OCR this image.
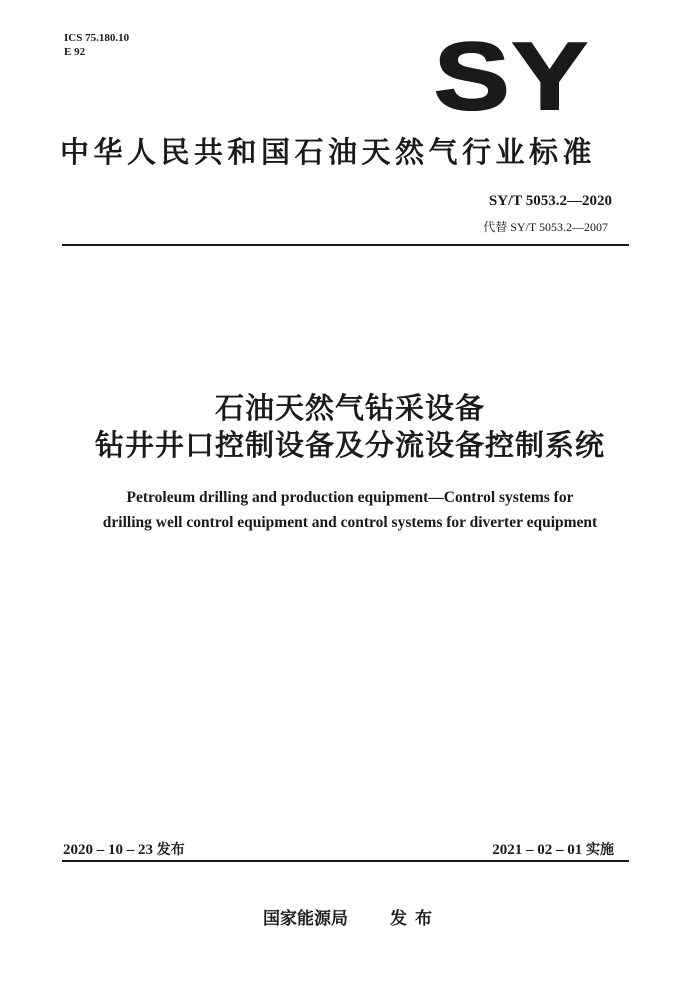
ICS 75.180.10
E 92	SY
中华人民共和国石油天然气行业标准
SY/T 5053.2—2020
代替 SY/T 5053.2—2007
石油天然气钻采设备
钻井井口控制设备及分流设备控制系统
Petroleum drilling and production equipment—Control systems for
drilling well control equipment and control systems for diverter equipment
2020 – 10 – 23 发布	2021 – 02 – 01 实施
国家能源局 发布
